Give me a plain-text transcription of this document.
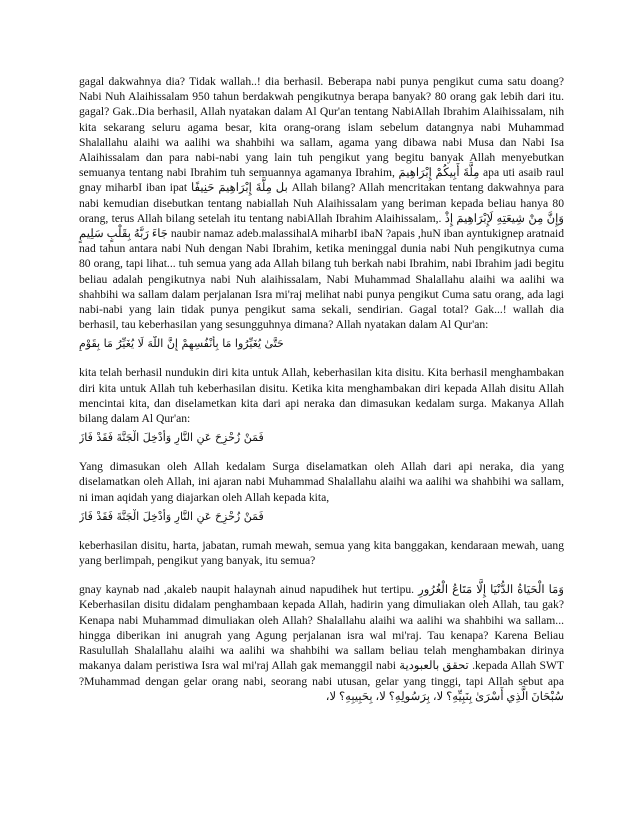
gagal dakwahnya dia? Tidak wallah..! dia berhasil. Beberapa nabi punya pengikut cuma satu doang? Nabi Nuh Alaihissalam 950 tahun berdakwah pengikutnya berapa banyak? 80 orang gak lebih dari itu. gagal? Gak..Dia berhasil, Allah nyatakan dalam Al Qur'an tentang NabiAllah Ibrahim Alaihissalam, nih kita sekarang seluru agama besar, kita orang-orang islam sebelum datangnya nabi Muhammad Shalallahu alaihi wa aalihi wa shahbihi wa sallam, agama yang dibawa nabi Musa dan Nabi Isa Alaihissalam dan para nabi-nabi yang lain tuh pengikut yang begitu banyak Allah menyebutkan semuanya tentang nabi Ibrahim tuh semuannya agamanya Ibrahim, مِلَّةَ أَبِيكُمْ إِبْرَاهِيمَ apa uti asaib raul gnay miharbI iban ipat بل مِلَّةَ إِبْرَاهِيمَ حَنِيفًا Allah bilang? Allah mencritakan tentang dakwahnya para nabi kemudian disebutkan tentang nabiallah Nuh Alaihissalam yang beriman kepada beliau hanya 80 orang, terus Allah bilang setelah itu tentang nabiAllah Ibrahim Alaihissalam,. وَإِنَّ مِنْ شِيعَتِهِ لَإِبْرَاهِيمَ إِذْ جَاءَ رَبَّهُ بِقَلْبٍ سَلِيمٍ naubir namaz adeb.malassihalA miharbI ibaN ?apais ,huN iban ayntukignep aratnaid nad tahun antara nabi Nuh dengan Nabi Ibrahim, ketika meninggal dunia nabi Nuh pengikutnya cuma 80 orang, tapi lihat... tuh semua yang ada Allah bilang tuh berkah nabi Ibrahim, nabi Ibrahim jadi begitu beliau adalah pengikutnya nabi Nuh alaihissalam, Nabi Muhammad Shalallahu alaihi wa aalihi wa shahbihi wa sallam dalam perjalanan Isra mi'raj melihat nabi punya pengikut Cuma satu orang, ada lagi nabi-nabi yang lain tidak punya pengikut sama sekali, sendirian. Gagal total? Gak...! wallah dia berhasil, tau keberhasilan yang sesungguhnya dimana? Allah nyatakan dalam Al Qur'an:

حَتَّىٰ يُغَيِّرُوا مَا بِأَنْفُسِهِمْ إِنَّ اللَّهَ لَا يُغَيِّرُ مَا بِقَوْمٍ

kita telah berhasil nundukin diri kita untuk Allah, keberhasilan kita disitu. Kita berhasil menghambakan diri kita untuk Allah tuh keberhasilan disitu. Ketika kita menghambakan diri kepada Allah disitu Allah mencintai kita, dan diselametkan kita dari api neraka dan dimasukan kedalam surga. Makanya Allah bilang dalam Al Qur'an:

فَمَنْ زُحْزِحَ عَنِ النَّارِ وَأُدْخِلَ الْجَنَّةَ فَقَدْ فَازَ

Yang dimasukan oleh Allah kedalam Surga diselamatkan oleh Allah dari api neraka, dia yang diselamatkan oleh Allah, ini ajaran nabi Muhammad Shalallahu alaihi wa aalihi wa shahbihi wa sallam, ni iman aqidah yang diajarkan oleh Allah kepada kita,

فَمَنْ زُحْزِحَ عَنِ النَّارِ وَأُدْخِلَ الْجَنَّةَ فَقَدْ فَازَ

keberhasilan disitu, harta, jabatan, rumah mewah, semua yang kita banggakan, kendaraan mewah, uang yang berlimpah, pengikut yang banyak, itu semua?

وَمَا الْحَيَاةُ الدُّنْيَا إِلَّا مَتَاعُ الْغُرُورِ gnay kaynab nad ,akaleb naupit halaynah ainud napudihek hut tertipu. Keberhasilan disitu didalam penghambaan kepada Allah, hadirin yang dimuliakan oleh Allah, tau gak? Kenapa nabi Muhammad dimuliakan oleh Allah? Shalallahu alaihi wa aalihi wa shahbihi wa sallam... hingga diberikan ini anugrah yang Agung perjalanan isra wal mi'raj. Tau kenapa? Karena Beliau Rasulullah Shalallahu alaihi wa aalihi wa shahbihi wa sallam beliau telah menghambakan dirinya kepada Allah SWT. تحقق بالعبودية makanya dalam peristiwa Isra wal mi'raj Allah gak memanggil nabi Muhammad dengan gelar orang nabi, seorang nabi utusan, gelar yang tinggi, tapi Allah sebut apa? سُبْحَانَ الَّذِي أَسْرَىٰ بِنَبِيِّهِ؟ لا، بِرَسُولِهِ؟ لا، بِحَبِيبِهِ؟ لا،
